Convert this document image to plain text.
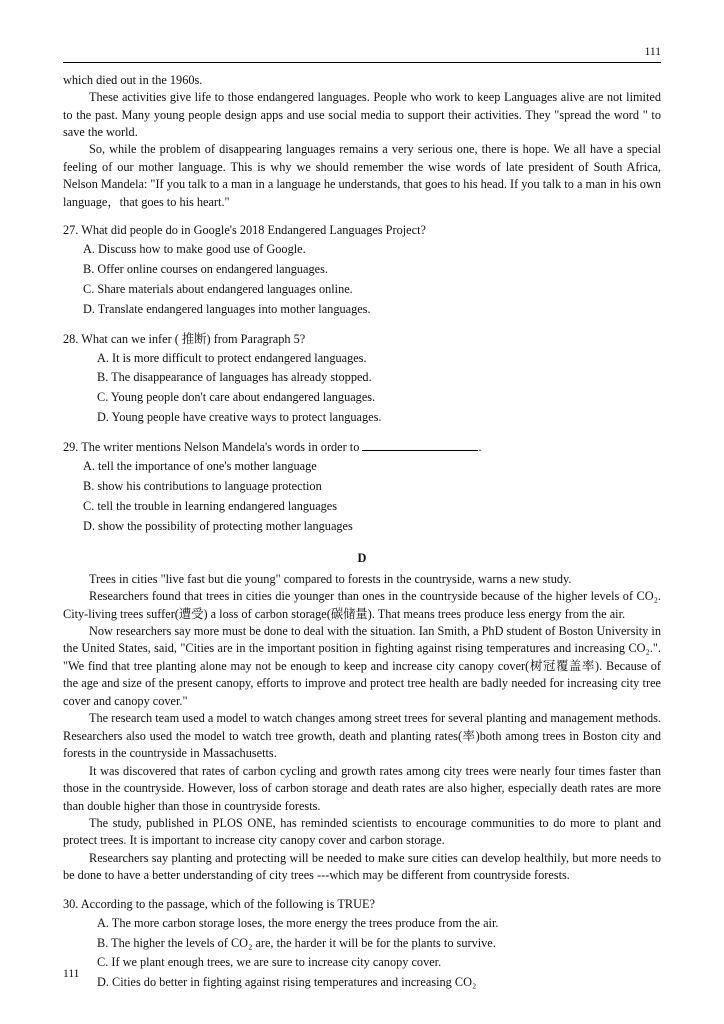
111

which died out in the 1960s.

These activities give life to those endangered languages. People who work to keep Languages alive are not limited to the past. Many young people design apps and use social media to support their activities. They "spread the word " to save the world.

So, while the problem of disappearing languages remains a very serious one, there is hope. We all have a special feeling of our mother language. This is why we should remember the wise words of late president of South Africa, Nelson Mandela: "If you talk to a man in a language he understands, that goes to his head. If you talk to a man in his own language，that goes to his heart."

27. What did people do in Google's 2018 Endangered Languages Project?
A. Discuss how to make good use of Google.
B. Offer online courses on endangered languages.
C. Share materials about endangered languages online.
D. Translate endangered languages into mother languages.
28. What can we infer ( 推断) from Paragraph 5?
A. It is more difficult to protect endangered languages.
B. The disappearance of languages has already stopped.
C. Young people don't care about endangered languages.
D. Young people have creative ways to protect languages.
29. The writer mentions Nelson Mandela's words in order to	.
A. tell the importance of one's mother language
B. show his contributions to language protection
C. tell the trouble in learning endangered languages
D. show the possibility of protecting mother languages
D

Trees in cities "live fast but die young" compared to forests in the countryside, warns a new study.

Researchers found that trees in cities die younger than ones in the countryside because of the higher levels of CO₂. City-living trees suffer(遭受) a loss of carbon storage(碳储量). That means trees produce less energy from the air.

Now researchers say more must be done to deal with the situation. Ian Smith, a PhD student of Boston University in the United States, said, "Cities are in the important position in fighting against rising temperatures and increasing CO₂.". "We find that tree planting alone may not be enough to keep and increase city canopy cover(树冠覆盖率). Because of the age and size of the present canopy, efforts to improve and protect tree health are badly needed for increasing city tree cover and canopy cover."

The research team used a model to watch changes among street trees for several planting and management methods. Researchers also used the model to watch tree growth, death and planting rates(率)both among trees in Boston city and forests in the countryside in Massachusetts.

It was discovered that rates of carbon cycling and growth rates among city trees were nearly four times faster than those in the countryside. However, loss of carbon storage and death rates are also higher, especially death rates are more than double higher than those in countryside forests.

The study, published in PLOS ONE, has reminded scientists to encourage communities to do more to plant and protect trees. It is important to increase city canopy cover and carbon storage.

Researchers say planting and protecting will be needed to make sure cities can develop healthily, but more needs to be done to have a better understanding of city trees ---which may be different from countryside forests.

30. According to the passage, which of the following is TRUE?
A. The more carbon storage loses, the more energy the trees produce from the air.
B. The higher the levels of CO₂ are, the harder it will be for the plants to survive.
C. If we plant enough trees, we are sure to increase city canopy cover.
D. Cities do better in fighting against rising temperatures and increasing CO₂
111
